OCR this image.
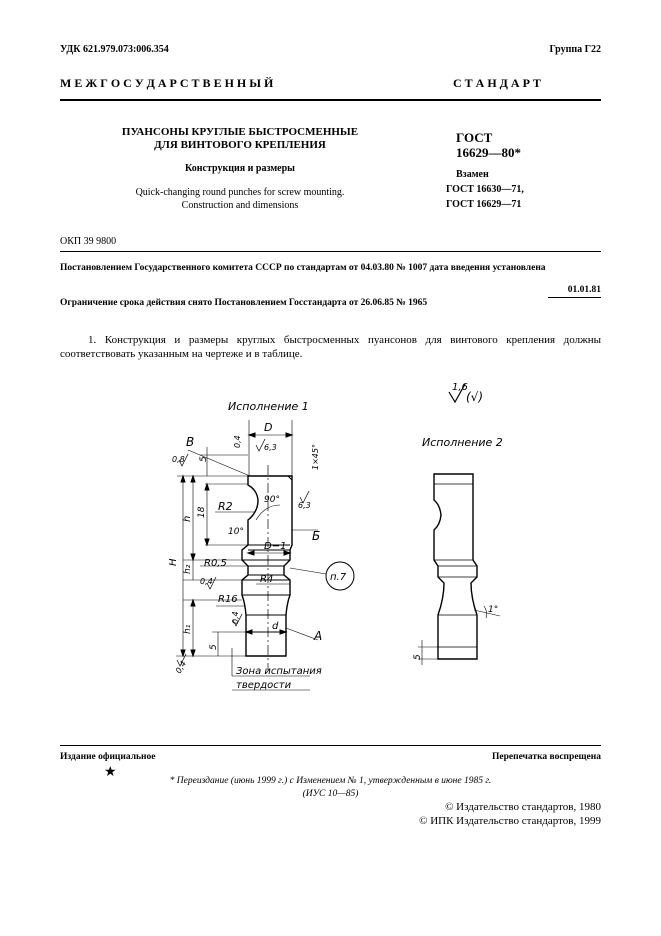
УДК 621.979.073:006.354	Группа Г22
М Е Ж Г О С У Д А Р С Т В Е Н Н Ы Й	С Т А Н Д А Р Т
ПУАНСОНЫ КРУГЛЫЕ БЫСТРОСМЕННЫЕ
ДЛЯ ВИНТОВОГО КРЕПЛЕНИЯ
Конструкция и размеры
Quick-changing round punches for screw mounting.
Construction and dimensions
ГОСТ
16629—80*
Взамен
ГОСТ 16630—71,
ГОСТ 16629—71
ОКП 39 9800
Постановлением Государственного комитета СССР по стандартам от 04.03.80 № 1007 дата введения установлена
01.01.81
Ограничение срока действия снято Постановлением Госстандарта от 26.06.85 № 1965
1. Конструкция и размеры круглых быстросменных пуансонов для винтового крепления должны соответствовать указанным на чертеже и в таблице.
1,6
(√)
Исполнение 1
Исполнение 2
В
D
0,4	6,3	1×45°
0,8 5
R2
18
90°
6,3
h
10°	Б
D−1
H
h₂
R0,5
R4
0,4	п.7
R16
h₁
0,4
d
А
5
0,4	Зона испытания
твердости
1°
5
Издание официальное	Перепечатка воспрещена
★
* Переиздание (июнь 1999 г.) с Изменением № 1, утвержденным в июне 1985 г.
(ИУС 10—85)
© Издательство стандартов, 1980
© ИПК Издательство стандартов, 1999
